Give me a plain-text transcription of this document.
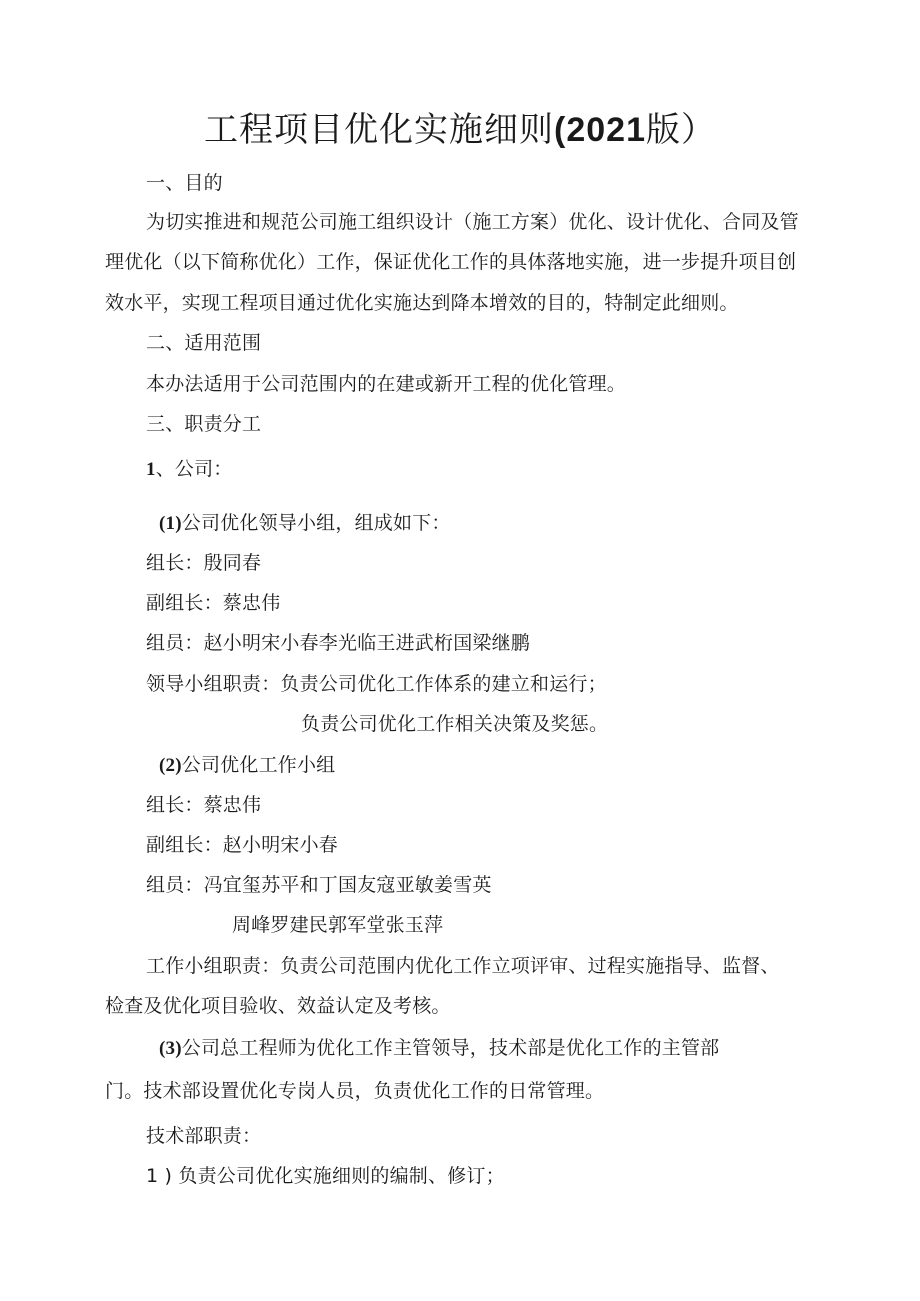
工程项目优化实施细则(2021版）
一、目的
为切实推进和规范公司施工组织设计（施工方案）优化、设计优化、合同及管
理优化（以下简称优化）工作，保证优化工作的具体落地实施，进一步提升项目创
效水平，实现工程项目通过优化实施达到降本增效的目的，特制定此细则。
二、适用范围
本办法适用于公司范围内的在建或新开工程的优化管理。
三、职责分工
1、公司：
(1)公司优化领导小组，组成如下：
组长：殷同春
副组长：蔡忠伟
组员：赵小明宋小春李光临王进武桁国梁继鹏
领导小组职责：负责公司优化工作体系的建立和运行；
负责公司优化工作相关决策及奖惩。
(2)公司优化工作小组
组长：蔡忠伟
副组长：赵小明宋小春
组员：冯宜玺苏平和丁国友寇亚敏姜雪英
周峰罗建民郭军堂张玉萍
工作小组职责：负责公司范围内优化工作立项评审、过程实施指导、监督、
检查及优化项目验收、效益认定及考核。
(3)公司总工程师为优化工作主管领导，技术部是优化工作的主管部
门。技术部设置优化专岗人员，负责优化工作的日常管理。
技术部职责：
1 ) 负责公司优化实施细则的编制、修订；
